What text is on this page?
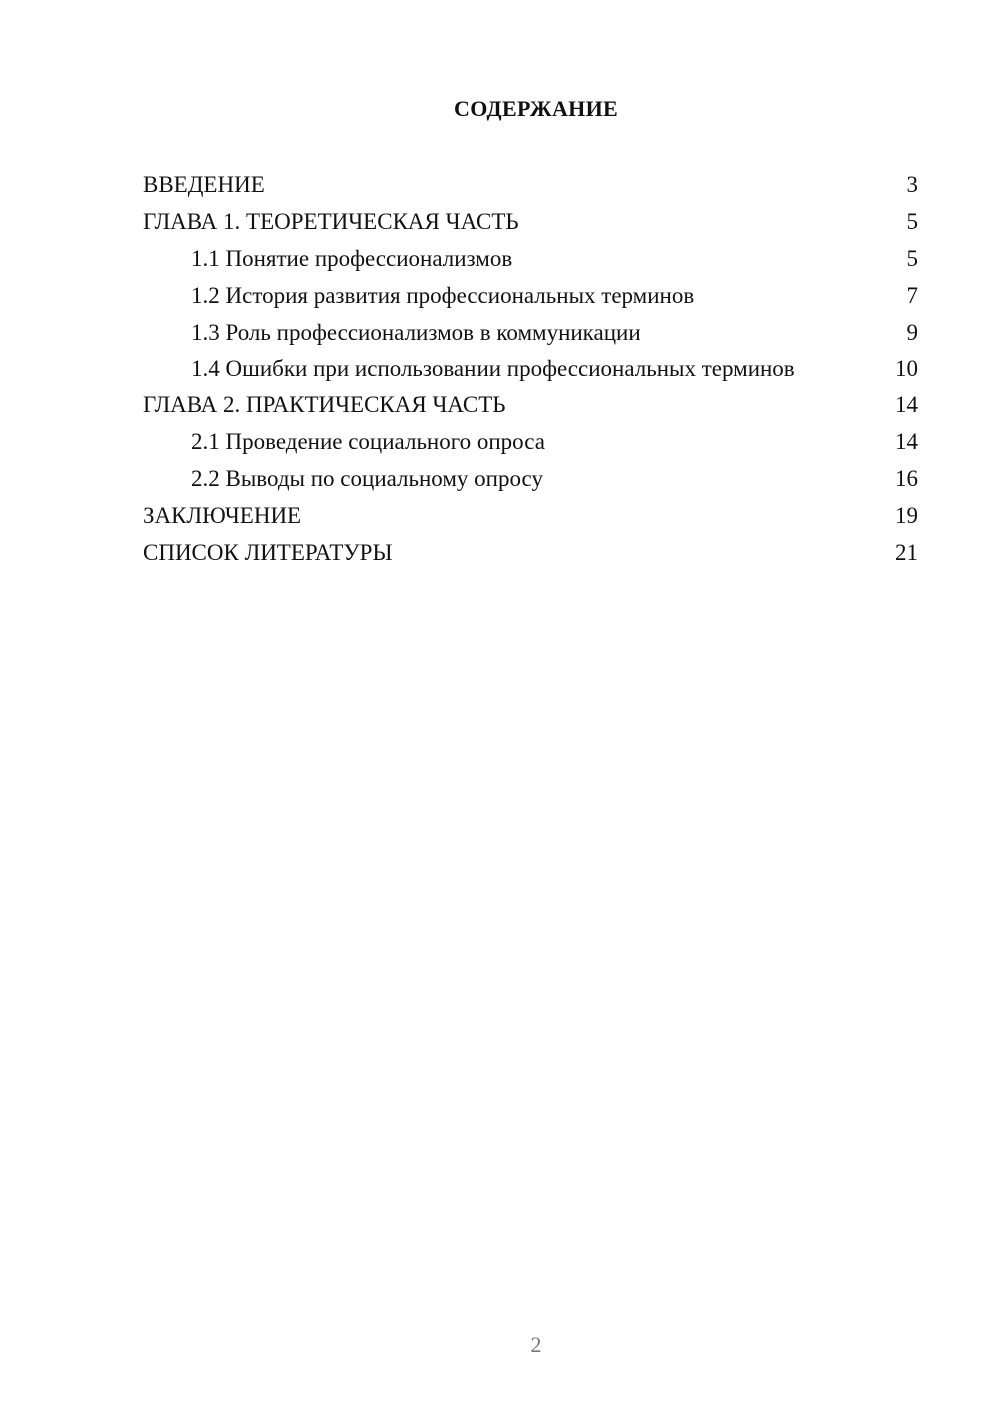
СОДЕРЖАНИЕ
ВВЕДЕНИЕ	3
ГЛАВА 1. ТЕОРЕТИЧЕСКАЯ ЧАСТЬ	5
1.1 Понятие профессионализмов	5
1.2 История развития профессиональных терминов	7
1.3 Роль профессионализмов в коммуникации	9
1.4 Ошибки при использовании профессиональных терминов	10
ГЛАВА 2. ПРАКТИЧЕСКАЯ ЧАСТЬ	14
2.1 Проведение социального опроса	14
2.2 Выводы по социальному опросу	16
ЗАКЛЮЧЕНИЕ	19
СПИСОК ЛИТЕРАТУРЫ	21
2
